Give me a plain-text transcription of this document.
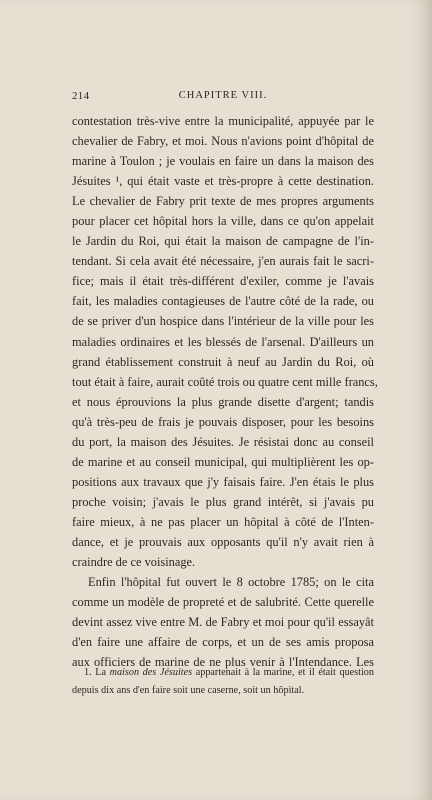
214	CHAPITRE VIII.
contestation très-vive entre la municipalité, appuyée par le
chevalier de Fabry, et moi. Nous n'avions point d'hôpital de
marine à Toulon ; je voulais en faire un dans la maison des
Jésuites ¹, qui était vaste et très-propre à cette destination.
Le chevalier de Fabry prit texte de mes propres arguments
pour placer cet hôpital hors la ville, dans ce qu'on appelait
le Jardin du Roi, qui était la maison de campagne de l'in-
tendant. Si cela avait été nécessaire, j'en aurais fait le sacri-
fice; mais il était très-différent d'exiler, comme je l'avais
fait, les maladies contagieuses de l'autre côté de la rade, ou
de se priver d'un hospice dans l'intérieur de la ville pour les
maladies ordinaires et les blessés de l'arsenal. D'ailleurs un
grand établissement construit à neuf au Jardin du Roi, où
tout était à faire, aurait coûté trois ou quatre cent mille francs,
et nous éprouvions la plus grande disette d'argent; tandis
qu'à très-peu de frais je pouvais disposer, pour les besoins
du port, la maison des Jésuites. Je résistai donc au conseil
de marine et au conseil municipal, qui multiplièrent les op-
positions aux travaux que j'y faisais faire. J'en étais le plus
proche voisin; j'avais le plus grand intérêt, si j'avais pu
faire mieux, à ne pas placer un hôpital à côté de l'Inten-
dance, et je prouvais aux opposants qu'il n'y avait rien à
craindre de ce voisinage.
Enfin l'hôpital fut ouvert le 8 octobre 1785; on le cita
comme un modèle de propreté et de salubrité. Cette querelle
devint assez vive entre M. de Fabry et moi pour qu'il essayât
d'en faire une affaire de corps, et un de ses amis proposa
aux officiers de marine de ne plus venir à l'Intendance. Les
1. La maison des Jésuites appartenait à la marine, et il était question
depuis dix ans d'en faire soit une caserne, soit un hôpital.
